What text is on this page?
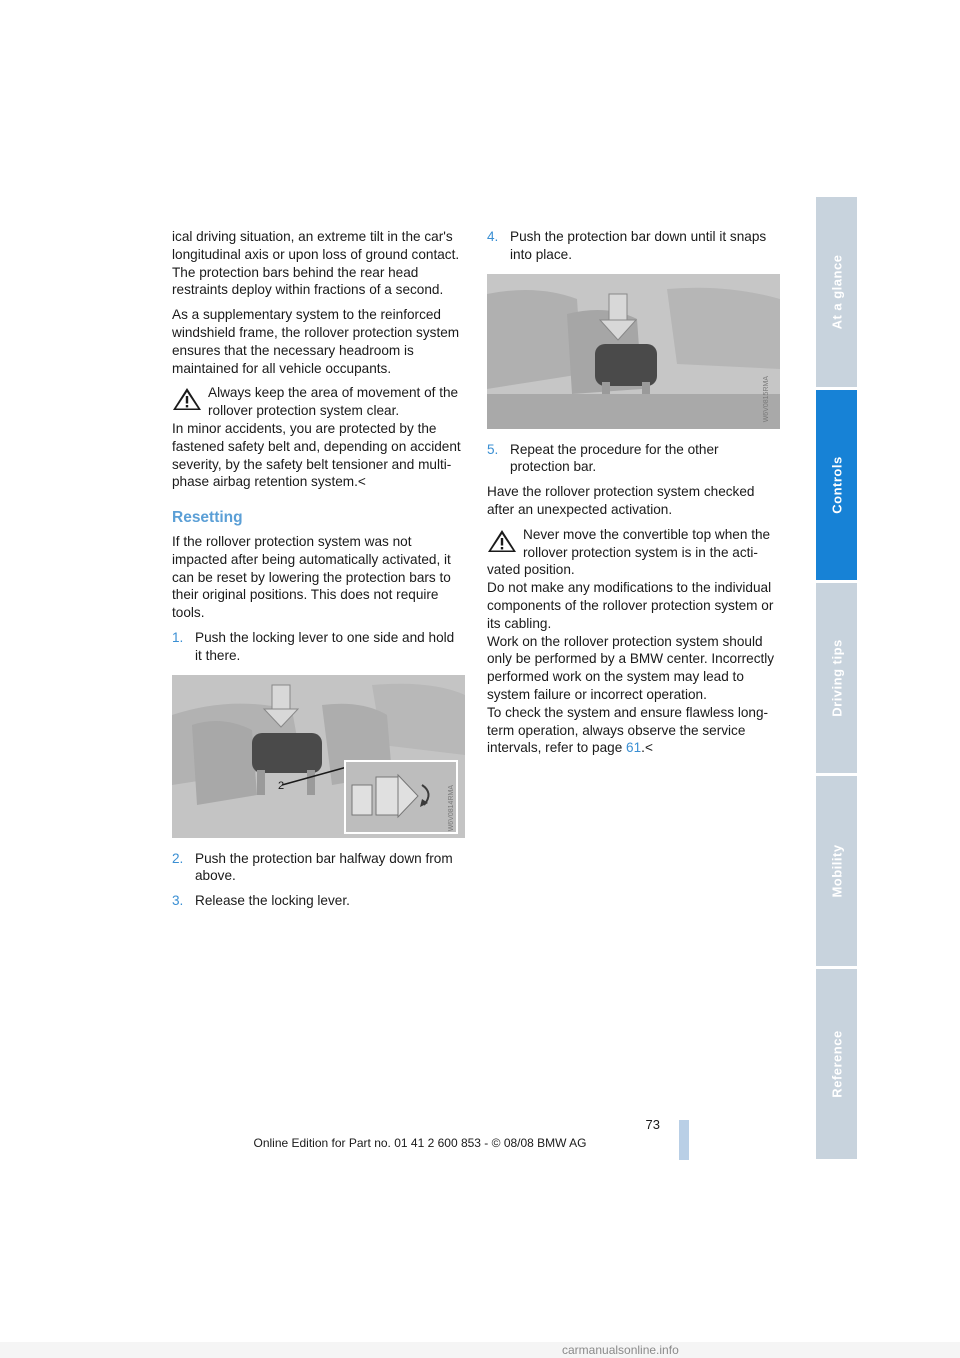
ical driving situation, an extreme tilt in the car's longitudinal axis or upon loss of ground contact. The protection bars behind the rear head restraints deploy within fractions of a second.

As a supplementary system to the reinforced windshield frame, the rollover protection system ensures that the necessary headroom is maintained for all vehicle occupants.

Always keep the area of movement of the rollover protection system clear.
In minor accidents, you are protected by the fastened safety belt and, depending on accident severity, by the safety belt tensioner and multi-phase airbag retention system.<
Resetting

If the rollover protection system was not impacted after being automatically activated, it can be reset by lowering the protection bars to their original positions. This does not require tools.

1. Push the locking lever to one side and hold it there.
2	W6V0814RMA
2. Push the protection bar halfway down from above.
3. Release the locking lever.
4. Push the protection bar down until it snaps into place.
W6V0815RMA
5. Repeat the procedure for the other protection bar.

Have the rollover protection system checked after an unexpected activation.

Never move the convertible top when the rollover protection system is in the acti-
vated position.
Do not make any modifications to the individual components of the rollover protection system or its cabling.
Work on the rollover protection system should only be performed by a BMW center. Incorrectly performed work on the system may lead to system failure or incorrect operation.
To check the system and ensure flawless long-term operation, always observe the service intervals, refer to page 61.<
At a glance
Controls
Driving tips
Mobility
Reference
73
Online Edition for Part no. 01 41 2 600 853 - © 08/08 BMW AG
carmanualsonline.info
